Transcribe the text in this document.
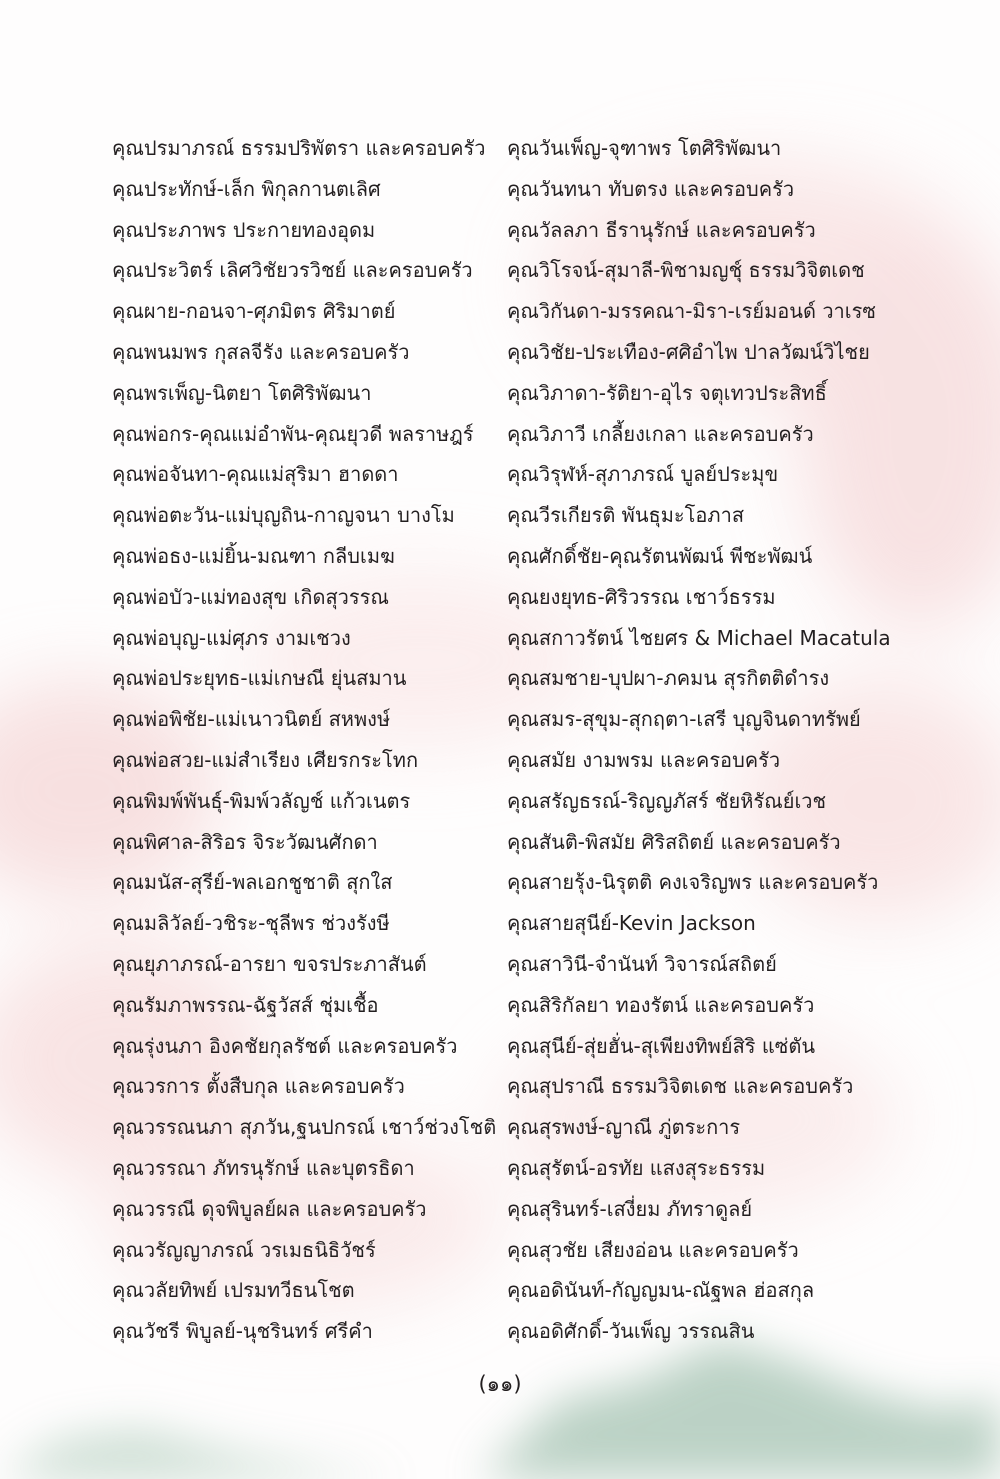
คุณปรมาภรณ์ ธรรมปริพัตรา และครอบครัว
คุณประทักษ์-เล็ก พิกุลกานตเลิศ
คุณประภาพร ประกายทองอุดม
คุณประวิตร์ เลิศวิชัยวรวิชย์ และครอบครัว
คุณผาย-กอนจา-ศุภมิตร ศิริมาตย์
คุณพนมพร กุสลจีรัง และครอบครัว
คุณพรเพ็ญ-นิตยา โตศิริพัฒนา
คุณพ่อกร-คุณแม่อำพัน-คุณยุวดี พลราษฎร์
คุณพ่อจันทา-คุณแม่สุริมา ฮาดดา
คุณพ่อตะวัน-แม่บุญถิน-กาญจนา บางโม
คุณพ่อธง-แม่ยิ้น-มณฑา กลีบเมฆ
คุณพ่อบัว-แม่ทองสุข เกิดสุวรรณ
คุณพ่อบุญ-แม่ศุภร งามเชวง
คุณพ่อประยุทธ-แม่เกษณี ยุ่นสมาน
คุณพ่อพิชัย-แม่เนาวนิตย์ สหพงษ์
คุณพ่อสวย-แม่สำเรียง เศียรกระโทก
คุณพิมพ์พันธุ์-พิมพ์วลัญช์ แก้วเนตร
คุณพิศาล-สิริอร จิระวัฒนศักดา
คุณมนัส-สุรีย์-พลเอกชูชาติ สุกใส
คุณมลิวัลย์-วชิระ-ชุลีพร ช่วงรังษี
คุณยุภาภรณ์-อารยา ขจรประภาสันต์
คุณรัมภาพรรณ-ฉัฐวัสส์ ชุ่มเชื้อ
คุณรุ่งนภา อิงคชัยกุลรัชต์ และครอบครัว
คุณวรการ ตั้งสืบกุล และครอบครัว
คุณวรรณนภา สุภวัน,ฐนปกรณ์ เชาว์ช่วงโชติ
คุณวรรณา ภัทรนุรักษ์ และบุตรธิดา
คุณวรรณี ดุจพิบูลย์ผล และครอบครัว
คุณวรัญญาภรณ์ วรเมธนิธิวัชร์
คุณวลัยทิพย์ เปรมทวีธนโชต
คุณวัชรี พิบูลย์-นุชรินทร์ ศรีคำ
คุณวันเพ็ญ-จุฑาพร โตศิริพัฒนา
คุณวันทนา ทับตรง และครอบครัว
คุณวัลลภา ธีรานุรักษ์ และครอบครัว
คุณวิโรจน์-สุมาลี-พิชามญชุ์ ธรรมวิจิตเดช
คุณวิกันดา-มรรคณา-มิรา-เรย์มอนด์ วาเรซ
คุณวิชัย-ประเทือง-ศศิอำไพ ปาลวัฒน์วิไชย
คุณวิภาดา-รัติยา-อุไร จตุเทวประสิทธิ์
คุณวิภาวี เกลี้ยงเกลา และครอบครัว
คุณวิรุฬห์-สุภาภรณ์ บูลย์ประมุข
คุณวีรเกียรติ พันธุมะโอภาส
คุณศักดิ์ชัย-คุณรัตนพัฒน์ พีชะพัฒน์
คุณยงยุทธ-ศิริวรรณ เชาว์ธรรม
คุณสกาวรัตน์ ไชยศร & Michael Macatula
คุณสมชาย-บุปผา-ภคมน สุรกิตติดำรง
คุณสมร-สุขุม-สุกฤตา-เสรี บุญจินดาทรัพย์
คุณสมัย งามพรม และครอบครัว
คุณสรัญธรณ์-ริญญภัสร์ ชัยหิรัณย์เวช
คุณสันติ-พิสมัย ศิริสถิตย์ และครอบครัว
คุณสายรุ้ง-นิรุตติ คงเจริญพร และครอบครัว
คุณสายสุนีย์-Kevin Jackson
คุณสาวินี-จำนันท์ วิจารณ์สถิตย์
คุณสิริกัลยา ทองรัตน์ และครอบครัว
คุณสุนีย์-สุ่ยฮั่น-สุเพียงทิพย์สิริ แซ่ตัน
คุณสุปราณี ธรรมวิจิตเดช และครอบครัว
คุณสุรพงษ์-ญาณี ภู่ตระการ
คุณสุรัตน์-อรทัย แสงสุระธรรม
คุณสุรินทร์-เสงี่ยม ภัทราดูลย์
คุณสุวชัย เสียงอ่อน และครอบครัว
คุณอดินันท์-กัญญมน-ณัฐพล ฮ่อสกุล
คุณอดิศักดิ์-วันเพ็ญ วรรณสิน
(๑๑)
